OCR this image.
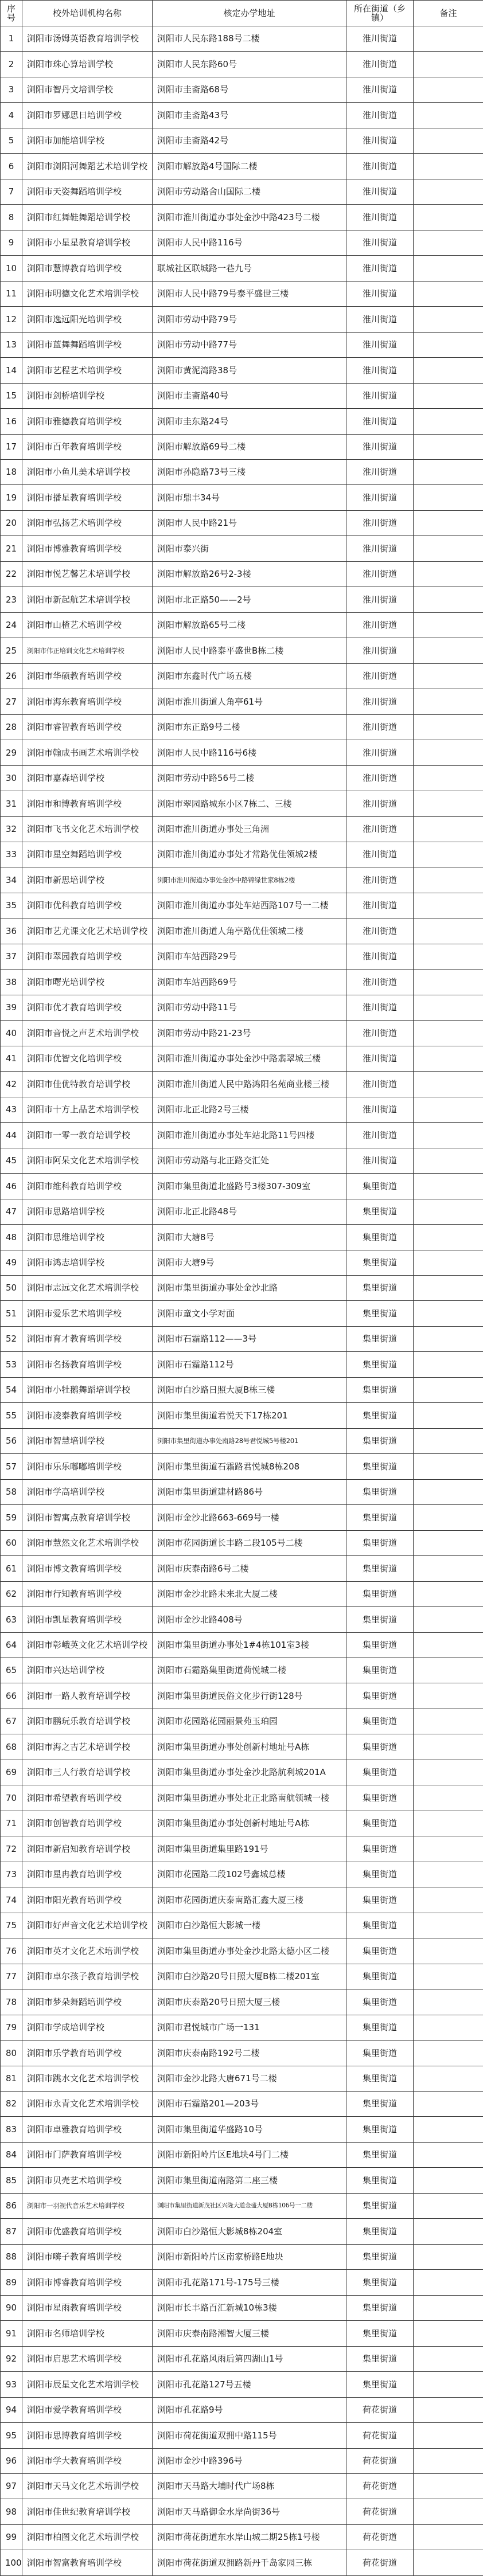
序号	校外培训机构名称	核定办学地址	所在街道（乡镇）	备注
1	浏阳市汤姆英语教育培训学校	浏阳市人民东路188号二楼	淮川街道	
2	浏阳市珠心算培训学校	浏阳市人民东路60号	淮川街道	
3	浏阳市智丹文培训学校	浏阳市圭斋路68号	淮川街道	
4	浏阳市罗娜思日培训学校	浏阳市圭斋路43号	淮川街道	
5	浏阳市加能培训学校	浏阳市圭斋路42号	淮川街道	
6	浏阳市浏阳河舞蹈艺术培训学校	浏阳市解放路4号国际二楼	淮川街道	
7	浏阳市天姿舞蹈培训学校	浏阳市劳动路舍山国际二楼	淮川街道	
8	浏阳市红舞鞋舞蹈培训学校	浏阳市淮川街道办事处金沙中路423号二楼	淮川街道	
9	浏阳市小星星教育培训学校	浏阳市人民中路116号	淮川街道	
10	浏阳市慧博教育培训学校	联城社区联城路一巷九号	淮川街道	
11	浏阳市明德文化艺术培训学校	浏阳市人民中路79号泰平盛世三楼	淮川街道	
12	浏阳市逸远阳光培训学校	浏阳市劳动中路79号	淮川街道	
13	浏阳市蓝舞舞蹈培训学校	浏阳市劳动中路77号	淮川街道	
14	浏阳市艺程艺术培训学校	浏阳市黄泥湾路38号	淮川街道	
15	浏阳市剑桥培训学校	浏阳市圭斋路40号	淮川街道	
16	浏阳市雅德教育培训学校	浏阳市圭东路24号	淮川街道	
17	浏阳市百年教育培训学校	浏阳市解放路69号二楼	淮川街道	
18	浏阳市小鱼儿美术培训学校	浏阳市孙隐路73号三楼	淮川街道	
19	浏阳市播星教育培训学校	浏阳市鼎丰34号	淮川街道	
20	浏阳市弘扬艺术培训学校	浏阳市人民中路21号	淮川街道	
21	浏阳市博雅教育培训学校	浏阳市泰兴街	淮川街道	
22	浏阳市悦艺馨艺术培训学校	浏阳市解放路26号2-3楼	淮川街道	
23	浏阳市新起航艺术培训学校	浏阳市北正路50——2号	淮川街道	
24	浏阳市山楂艺术培训学校	浏阳市解放路65号二楼	淮川街道	
25	浏阳市伟正培训文化艺术培训学校	浏阳市人民中路泰平盛世B栋二楼	淮川街道	
26	浏阳市华硕教育培训学校	浏阳市东鑫时代广场五楼	淮川街道	
27	浏阳市海东教育培训学校	浏阳市淮川街道人角亭61号	淮川街道	
28	浏阳市睿智教育培训学校	浏阳市东正路9号二楼	淮川街道	
29	浏阳市翰成书画艺术培训学校	浏阳市人民中路116号6楼	淮川街道	
30	浏阳市嘉森培训学校	浏阳市劳动中路56号二楼	淮川街道	
31	浏阳市和博教育培训学校	浏阳市翠园路城东小区7栋二、三楼	淮川街道	
32	浏阳市飞书文化艺术培训学校	浏阳市淮川街道办事处三角洲	淮川街道	
33	浏阳市星空舞蹈培训学校	浏阳市淮川街道办事处才常路优佳领城2楼	淮川街道	
34	浏阳市新思培训学校	浏阳市淮川街道办事处金沙中路锦绿世家8栋2楼	淮川街道	
35	浏阳市优科教育培训学校	浏阳市淮川街道办事处车站西路107号一二楼	淮川街道	
36	浏阳市艺尤课文化艺术培训学校	浏阳市淮川街道人角亭路优佳领城二楼	淮川街道	
37	浏阳市翠园教育培训学校	浏阳市车站西路29号	淮川街道	
38	浏阳市曙光培训学校	浏阳市车站西路69号	淮川街道	
39	浏阳市优才教育培训学校	浏阳市劳动中路11号	淮川街道	
40	浏阳市音悦之声艺术培训学校	浏阳市劳动中路21-23号	淮川街道	
41	浏阳市优智文化培训学校	浏阳市淮川街道办事处金沙中路翡翠城三楼	淮川街道	
42	浏阳市佳优特教育培训学校	浏阳市淮川街道人民中路鸿阳名苑商业楼三楼	淮川街道	
43	浏阳市十方上品艺术培训学校	浏阳市北正北路2号三楼	淮川街道	
44	浏阳市一零一教育培训学校	浏阳市淮川街道办事处车站北路11号四楼	淮川街道	
45	浏阳市阿呆文化艺术培训学校	浏阳市劳动路与北正路交汇处	淮川街道	
46	浏阳市维科教育培训学校	浏阳市集里街道北盛路号3楼307-309室	集里街道	
47	浏阳市思路培训学校	浏阳市北正北路48号	集里街道	
48	浏阳市思维培训学校	浏阳市大塘8号	集里街道	
49	浏阳市鸿志培训学校	浏阳市大塘9号	集里街道	
50	浏阳市志远文化艺术培训学校	浏阳市集里街道办事处金沙北路	集里街道	
51	浏阳市爱乐艺术培训学校	浏阳市童文小学对面	集里街道	
52	浏阳市育才教育培训学校	浏阳市石霜路112——3号	集里街道	
53	浏阳市名扬教育培训学校	浏阳市石霜路112号	集里街道	
54	浏阳市小牡鹅舞蹈培训学校	浏阳市白沙路日照大厦B栋三楼	集里街道	
55	浏阳市凌泰教育培训学校	浏阳市集里街道君悦天下17栋201	集里街道	
56	浏阳市智慧培训学校	浏阳市集里街道办事处南路28号君悦城5号楼201	集里街道	
57	浏阳市乐乐嘟嘟培训学校	浏阳市集里街道石霜路君悦城8栋208	集里街道	
58	浏阳市学高培训学校	浏阳市集里街道建材路86号	集里街道	
59	浏阳市智寓点教育培训学校	浏阳市金沙北路663-669号一楼	集里街道	
60	浏阳市慧然文化艺术培训学校	浏阳市花园街道长丰路二段105号二楼	集里街道	
61	浏阳市博文教育培训学校	浏阳市庆泰南路6号二楼	集里街道	
62	浏阳市行知教育培训学校	浏阳市金沙北路未来北大厦二楼	集里街道	
63	浏阳市凯星教育培训学校	浏阳市金沙北路408号	集里街道	
64	浏阳市彰峨英文化艺术培训学校	浏阳市集里街道办事处1#4栋101室3楼	集里街道	
65	浏阳市兴达培训学校	浏阳市石霜路集里街道荷悦城二楼	集里街道	
66	浏阳市一路人教育培训学校	浏阳市集里街道民俗文化步行街128号	集里街道	
67	浏阳市鹏玩乐教育培训学校	浏阳市花园路花园丽景苑玉珀园	集里街道	
68	浏阳市海之吉艺术培训学校	浏阳市集里街道办事处创新村地址号A栋	集里街道	
69	浏阳市三人行教育培训学校	浏阳市集里街道办事处金沙北路航利城201A	集里街道	
70	浏阳市希望教育培训学校	浏阳市集里街道办事处北正北路南航领城一楼	集里街道	
71	浏阳市创智教育培训学校	浏阳市集里街道办事处创新村地址号A栋	集里街道	
72	浏阳市新启知教育培训学校	浏阳市集里街道集里路191号	集里街道	
73	浏阳市星冉教育培训学校	浏阳市花园路二段102号鑫城总楼	集里街道	
74	浏阳市阳光教育培训学校	浏阳市花园街道庆泰南路汇鑫大厦三楼	集里街道	
75	浏阳市好声音文化艺术培训学校	浏阳市白沙路恒大影城一楼	集里街道	
76	浏阳市英才文化艺术培训学校	浏阳市集里街道办事处金沙北路太德小区二楼	集里街道	
77	浏阳市卓尔孩子教育培训学校	浏阳市白沙路20号日照大厦B栋二楼201室	集里街道	
78	浏阳市梦朵舞蹈培训学校	浏阳市庆泰路20号日照大厦三楼	集里街道	
79	浏阳市学成培训学校	浏阳市君悦城市广场一131	集里街道	
80	浏阳市乐学教育培训学校	浏阳市庆泰南路192号二楼	集里街道	
81	浏阳市跳水文化艺术培训学校	浏阳市金沙北路大唐671号二楼	集里街道	
82	浏阳市永青文化艺术培训学校	浏阳市石霜路201—203号	集里街道	
83	浏阳市卓雅教育培训学校	浏阳市集里街道华盛路10号	集里街道	
84	浏阳市门萨教育培训学校	浏阳市新阳岭片区E地块4号门二楼	集里街道	
85	浏阳市贝壳艺术培训学校	浏阳市集里街道南路第二座三楼	集里街道	
86	浏阳市一羽视代音乐艺术培训学校	浏阳市集里街道新茂社区兴隆大道金盛大厦B栋106号一二楼	集里街道	
87	浏阳市优盛教育培训学校	浏阳市白沙路恒大影城8栋204室	集里街道	
88	浏阳市嗨子教育培训学校	浏阳市新阳岭片区南家桥路E地块	集里街道	
89	浏阳市博睿教育培训学校	浏阳市孔花路171号-175号三楼	集里街道	
90	浏阳市星雨教育培训学校	浏阳市长丰路百汇新城10栋3楼	集里街道	
91	浏阳市名师培训学校	浏阳市庆泰南路湘智大厦三楼	集里街道	
92	浏阳市启思艺术培训学校	浏阳市孔花路风雨后第四湖山1号	集里街道	
93	浏阳市辰星文化艺术培训学校	浏阳市孔花路127号五楼	集里街道	
94	浏阳市爱学教育培训学校	浏阳市孔花路9号	荷花街道	
95	浏阳市思博教育培训学校	浏阳市荷花街道双拥中路115号	荷花街道	
96	浏阳市学大教育培训学校	浏阳市金沙中路396号	荷花街道	
97	浏阳市天马文化艺术培训学校	浏阳市天马路大埔时代广场8栋	荷花街道	
98	浏阳市佳世纪教育培训学校	浏阳市天马路御金水岸尚街36号	荷花街道	
99	浏阳市柏图文化艺术培训学校	浏阳市荷花街道东水岸山城二期25栋1号楼	荷花街道	
100	浏阳市智富教育培训学校	浏阳市荷花街道双拥路新丹千岛家园三栋	荷花街道	
